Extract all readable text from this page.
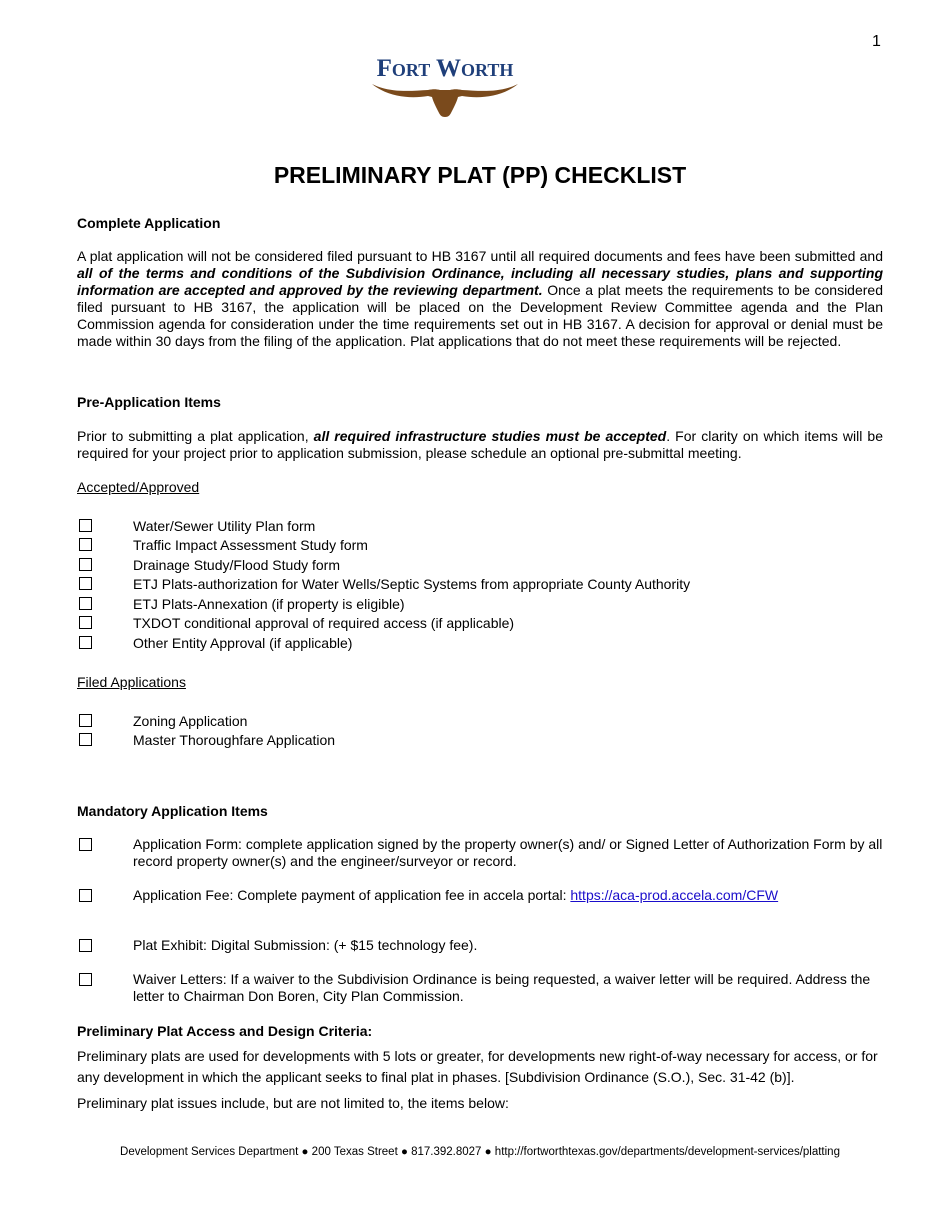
1
Fort Worth
PRELIMINARY PLAT (PP) CHECKLIST
Complete Application

A plat application will not be considered filed pursuant to HB 3167 until all required documents and fees have been submitted and all of the terms and conditions of the Subdivision Ordinance, including all necessary studies, plans and supporting information are accepted and approved by the reviewing department. Once a plat meets the requirements to be considered filed pursuant to HB 3167, the application will be placed on the Development Review Committee agenda and the Plan Commission agenda for consideration under the time requirements set out in HB 3167. A decision for approval or denial must be made within 30 days from the filing of the application. Plat applications that do not meet these requirements will be rejected.

Pre-Application Items

Prior to submitting a plat application, all required infrastructure studies must be accepted. For clarity on which items will be required for your project prior to application submission, please schedule an optional pre-submittal meeting.

Accepted/Approved
Water/Sewer Utility Plan form
Traffic Impact Assessment Study form
Drainage Study/Flood Study form
ETJ Plats-authorization for Water Wells/Septic Systems from appropriate County Authority
ETJ Plats-Annexation (if property is eligible)
TXDOT conditional approval of required access (if applicable)
Other Entity Approval (if applicable)
Filed Applications
Zoning Application
Master Thoroughfare Application
Mandatory Application Items

Application Form: complete application signed by the property owner(s) and/ or Signed Letter of Authorization Form by all record property owner(s) and the engineer/surveyor or record.

Application Fee: Complete payment of application fee in accela portal: https://aca-prod.accela.com/CFW

Plat Exhibit: Digital Submission: (+ $15 technology fee).

Waiver Letters: If a waiver to the Subdivision Ordinance is being requested, a waiver letter will be required. Address the letter to Chairman Don Boren, City Plan Commission.

Preliminary Plat Access and Design Criteria:

Preliminary plats are used for developments with 5 lots or greater, for developments new right-of-way necessary for access, or for any development in which the applicant seeks to final plat in phases. [Subdivision Ordinance (S.O.), Sec. 31-42 (b)].

Preliminary plat issues include, but are not limited to, the items below:

Development Services Department ● 200 Texas Street ● 817.392.8027 ● http://fortworthtexas.gov/departments/development-services/platting
